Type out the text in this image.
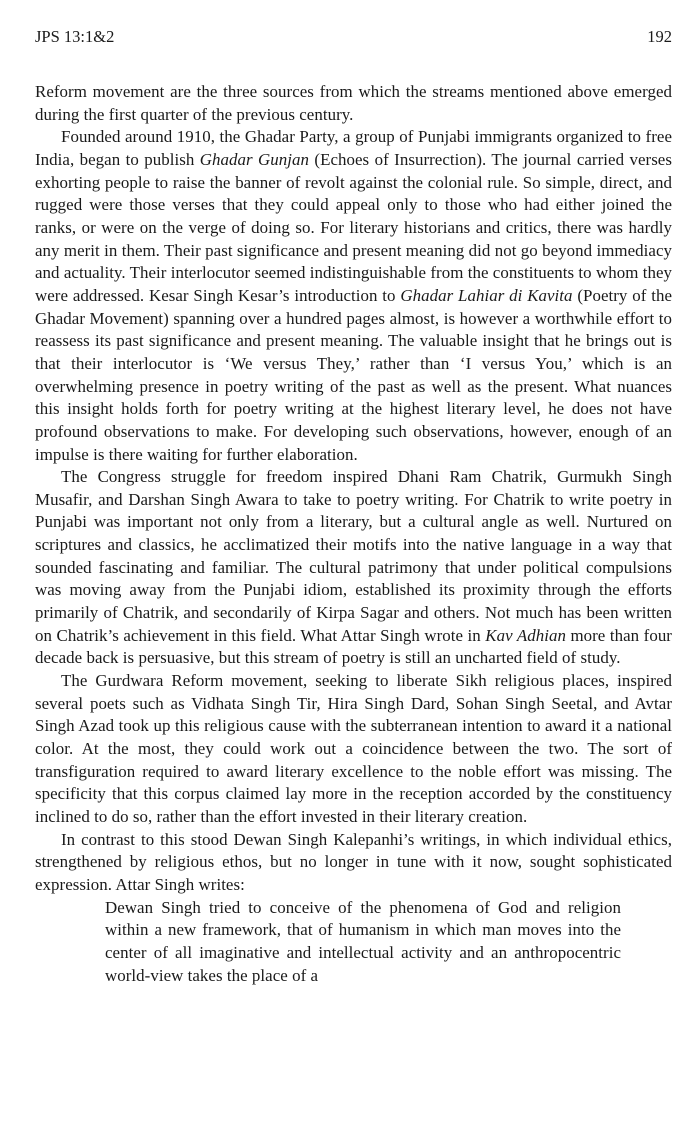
JPS 13:1&2	192

Reform movement are the three sources from which the streams mentioned above emerged during the first quarter of the previous century.

Founded around 1910, the Ghadar Party, a group of Punjabi immigrants organized to free India, began to publish Ghadar Gunjan (Echoes of Insurrection). The journal carried verses exhorting people to raise the banner of revolt against the colonial rule. So simple, direct, and rugged were those verses that they could appeal only to those who had either joined the ranks, or were on the verge of doing so. For literary historians and critics, there was hardly any merit in them. Their past significance and present meaning did not go beyond immediacy and actuality. Their interlocutor seemed indistinguishable from the constituents to whom they were addressed. Kesar Singh Kesar’s introduction to Ghadar Lahiar di Kavita (Poetry of the Ghadar Movement) spanning over a hundred pages almost, is however a worthwhile effort to reassess its past significance and present meaning. The valuable insight that he brings out is that their interlocutor is ‘We versus They,’ rather than ‘I versus You,’ which is an overwhelming presence in poetry writing of the past as well as the present. What nuances this insight holds forth for poetry writing at the highest literary level, he does not have profound observations to make. For developing such observations, however, enough of an impulse is there waiting for further elaboration.

The Congress struggle for freedom inspired Dhani Ram Chatrik, Gurmukh Singh Musafir, and Darshan Singh Awara to take to poetry writing. For Chatrik to write poetry in Punjabi was important not only from a literary, but a cultural angle as well. Nurtured on scriptures and classics, he acclimatized their motifs into the native language in a way that sounded fascinating and familiar. The cultural patrimony that under political compulsions was moving away from the Punjabi idiom, established its proximity through the efforts primarily of Chatrik, and secondarily of Kirpa Sagar and others. Not much has been written on Chatrik’s achievement in this field. What Attar Singh wrote in Kav Adhian more than four decade back is persuasive, but this stream of poetry is still an uncharted field of study.

The Gurdwara Reform movement, seeking to liberate Sikh religious places, inspired several poets such as Vidhata Singh Tir, Hira Singh Dard, Sohan Singh Seetal, and Avtar Singh Azad took up this religious cause with the subterranean intention to award it a national color. At the most, they could work out a coincidence between the two. The sort of transfiguration required to award literary excellence to the noble effort was missing. The specificity that this corpus claimed lay more in the reception accorded by the constituency inclined to do so, rather than the effort invested in their literary creation.

In contrast to this stood Dewan Singh Kalepanhi’s writings, in which individual ethics, strengthened by religious ethos, but no longer in tune with it now, sought sophisticated expression. Attar Singh writes:

Dewan Singh tried to conceive of the phenomena of God and religion within a new framework, that of humanism in which man moves into the center of all imaginative and intellectual activity and an anthropocentric world-view takes the place of a
